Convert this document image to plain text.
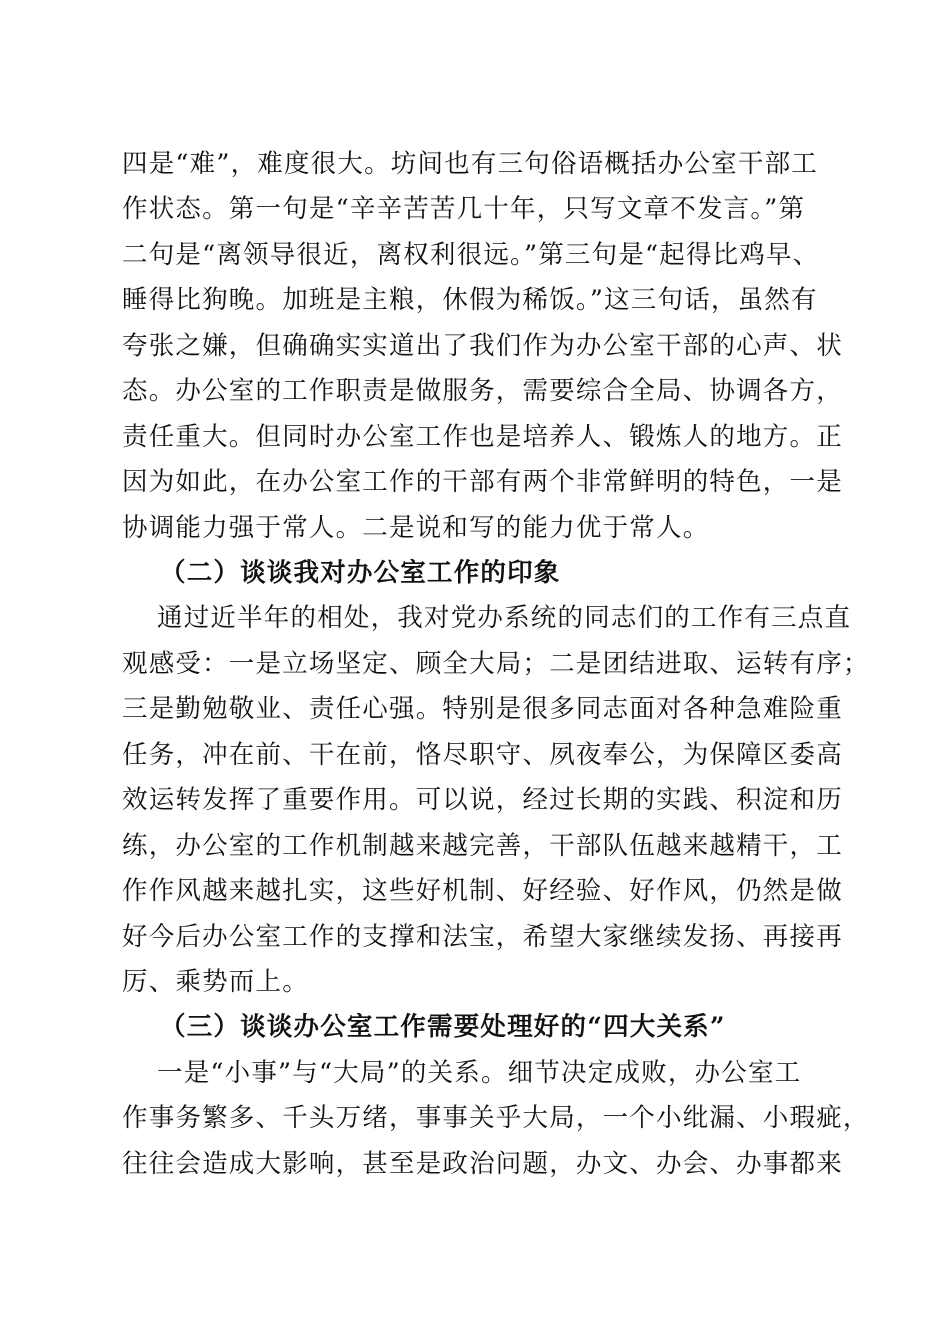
四是“难”，难度很大。坊间也有三句俗语概括办公室干部工
作状态。第一句是“辛辛苦苦几十年，只写文章不发言。”第
二句是“离领导很近，离权利很远。”第三句是“起得比鸡早、
睡得比狗晚。加班是主粮，休假为稀饭。”这三句话，虽然有
夸张之嫌，但确确实实道出了我们作为办公室干部的心声、状
态。办公室的工作职责是做服务，需要综合全局、协调各方，
责任重大。但同时办公室工作也是培养人、锻炼人的地方。正
因为如此，在办公室工作的干部有两个非常鲜明的特色，一是
协调能力强于常人。二是说和写的能力优于常人。
（二）谈谈我对办公室工作的印象
通过近半年的相处，我对党办系统的同志们的工作有三点直
观感受：一是立场坚定、顾全大局；二是团结进取、运转有序；
三是勤勉敬业、责任心强。特别是很多同志面对各种急难险重
任务，冲在前、干在前，恪尽职守、夙夜奉公，为保障区委高
效运转发挥了重要作用。可以说，经过长期的实践、积淀和历
练，办公室的工作机制越来越完善，干部队伍越来越精干，工
作作风越来越扎实，这些好机制、好经验、好作风，仍然是做
好今后办公室工作的支撑和法宝，希望大家继续发扬、再接再
厉、乘势而上。
（三）谈谈办公室工作需要处理好的“四大关系”
一是“小事”与“大局”的关系。细节决定成败，办公室工
作事务繁多、千头万绪，事事关乎大局，一个小纰漏、小瑕疵，
往往会造成大影响，甚至是政治问题，办文、办会、办事都来
